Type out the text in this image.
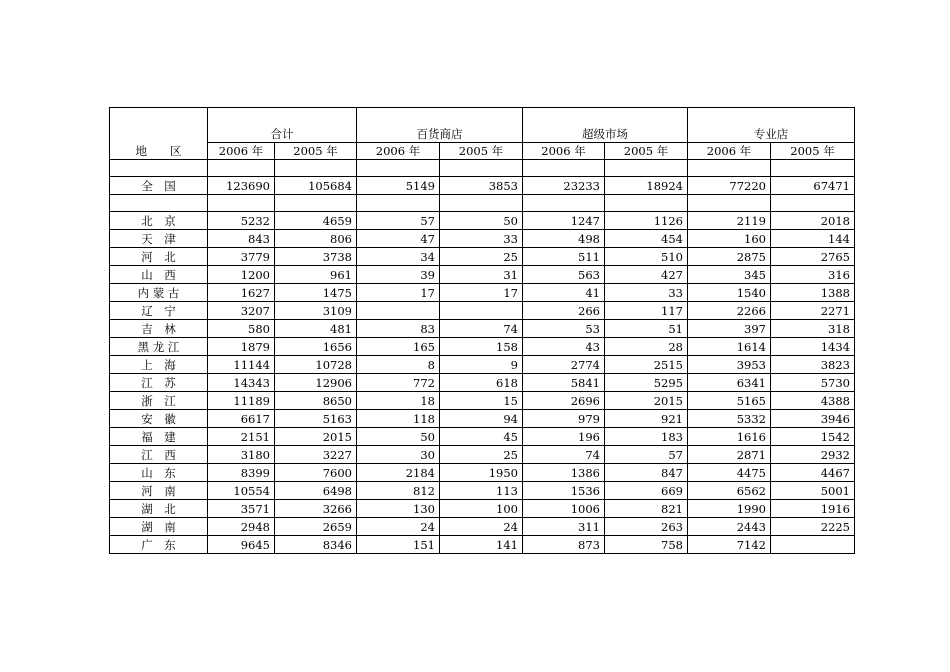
地　　区	合计		百货商店		超级市场		专业店	
	2006 年	2005 年	2006 年	2005 年	2006 年	2005 年	2006 年	2005 年

全　国	123690	105684	5149	3853	23233	18924	77220	67471

北　京	5232	4659	57	50	1247	1126	2119	2018
天　津	843	806	47	33	498	454	160	144
河　北	3779	3738	34	25	511	510	2875	2765
山　西	1200	961	39	31	563	427	345	316
内 蒙 古	1627	1475	17	17	41	33	1540	1388
辽　宁	3207	3109			266	117	2266	2271
吉　林	580	481	83	74	53	51	397	318
黑 龙 江	1879	1656	165	158	43	28	1614	1434
上　海	11144	10728	8	9	2774	2515	3953	3823
江　苏	14343	12906	772	618	5841	5295	6341	5730
浙　江	11189	8650	18	15	2696	2015	5165	4388
安　徽	6617	5163	118	94	979	921	5332	3946
福　建	2151	2015	50	45	196	183	1616	1542
江　西	3180	3227	30	25	74	57	2871	2932
山　东	8399	7600	2184	1950	1386	847	4475	4467
河　南	10554	6498	812	113	1536	669	6562	5001
湖　北	3571	3266	130	100	1006	821	1990	1916
湖　南	2948	2659	24	24	311	263	2443	2225
广　东	9645	8346	151	141	873	758	7142	
